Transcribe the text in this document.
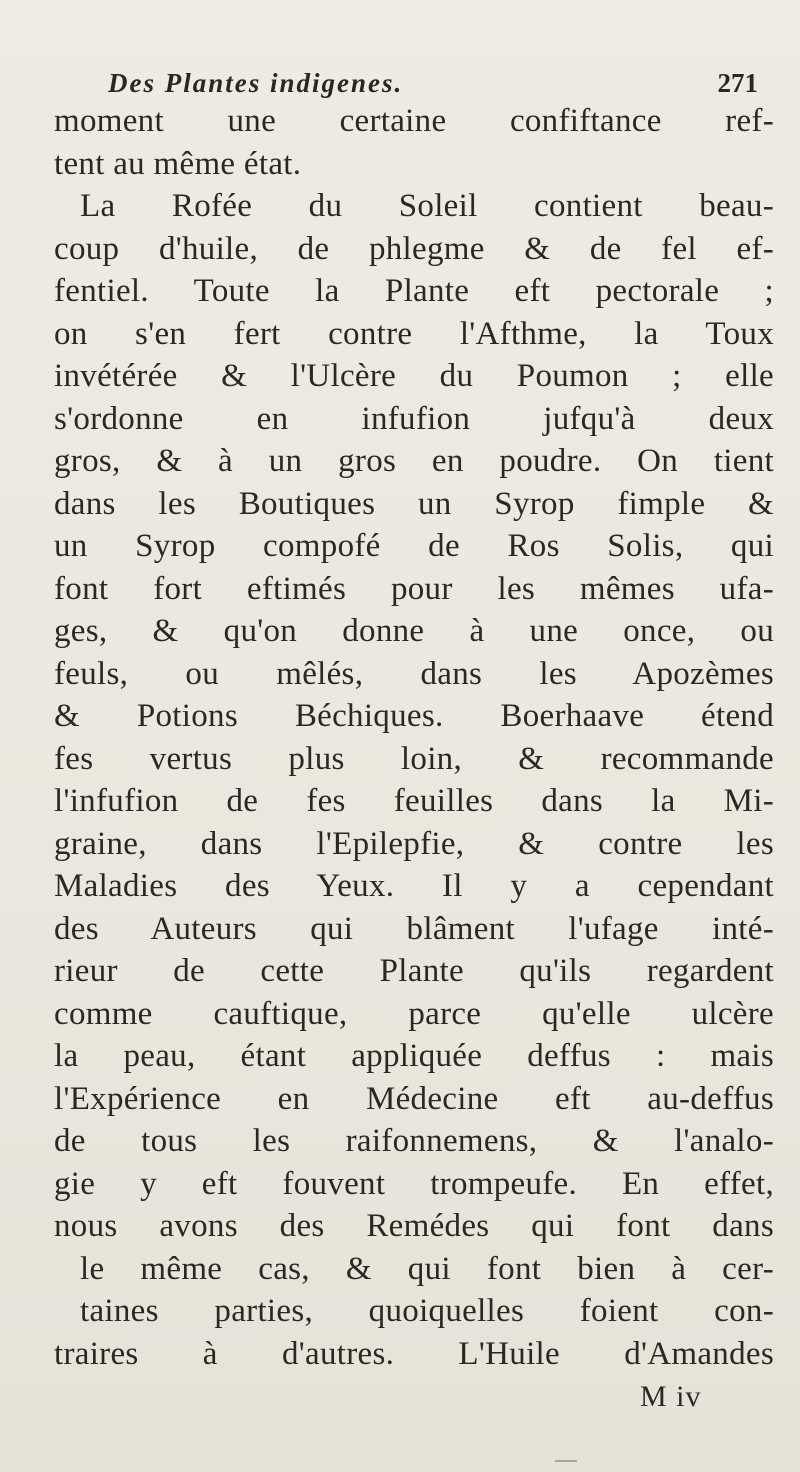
Des Plantes indigenes.	271
moment une certaine confiftance ref-
tent au même état.
La Rofée du Soleil contient beau-
coup d'huile, de phlegme & de fel ef-
fentiel. Toute la Plante eft pectorale ;
on s'en fert contre l'Afthme, la Toux
invétérée & l'Ulcère du Poumon ; elle
s'ordonne en infufion jufqu'à deux
gros, & à un gros en poudre. On tient
dans les Boutiques un Syrop fimple &
un Syrop compofé de Ros Solis, qui
font fort eftimés pour les mêmes ufa-
ges, & qu'on donne à une once, ou
feuls, ou mêlés, dans les Apozèmes
& Potions Béchiques. Boerhaave étend
fes vertus plus loin, & recommande
l'infufion de fes feuilles dans la Mi-
graine, dans l'Epilepfie, & contre les
Maladies des Yeux. Il y a cependant
des Auteurs qui blâment l'ufage inté-
rieur de cette Plante qu'ils regardent
comme cauftique, parce qu'elle ulcère
la peau, étant appliquée deffus : mais
l'Expérience en Médecine eft au-deffus
de tous les raifonnemens, & l'analo-
gie y eft fouvent trompeufe. En effet,
nous avons des Remédes qui font dans
le même cas, & qui font bien à cer-
taines parties, quoiquelles foient con-
traires à d'autres. L'Huile d'Amandes
M iv
